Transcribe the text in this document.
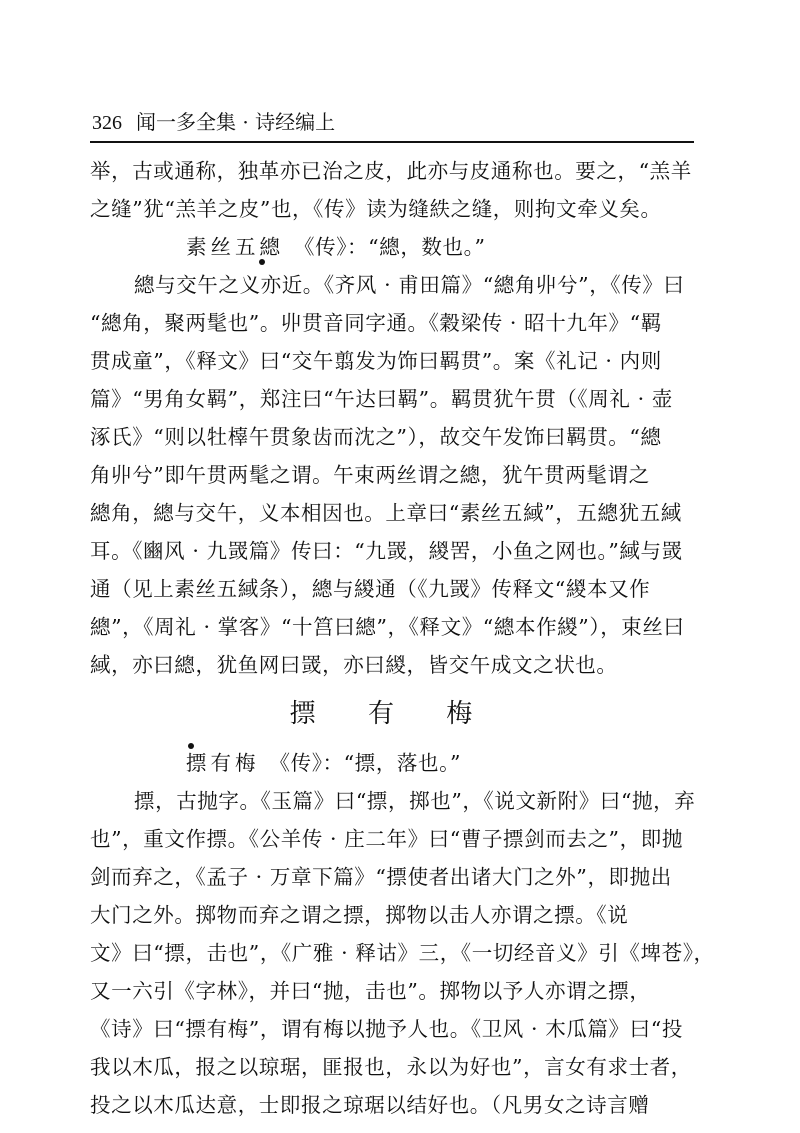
326 闻一多全集 · 诗经编上

举，古或通称，独革亦已治之皮，此亦与皮通称也。要之，“羔羊

之缝”犹“羔羊之皮”也，《传》读为缝紩之缝，则拘文牵义矣。

素丝五總 《传》：“總，数也。”

總与交午之义亦近。《齐风 · 甫田篇》“總角丱兮”，《传》曰

“總角，聚两髦也”。丱贯音同字通。《穀梁传 · 昭十九年》“羁

贯成童”，《释文》曰“交午翦发为饰曰羁贯”。案《礼记 · 内则

篇》“男角女羁”，郑注曰“午达曰羁”。羁贯犹午贯（《周礼 · 壶

涿氏》“则以牡橭午贯象齿而沈之”），故交午发饰曰羁贯。“總

角丱兮”即午贯两髦之谓。午束两丝谓之總，犹午贯两髦谓之

總角，總与交午，义本相因也。上章曰“素丝五緎”，五總犹五緎

耳。《豳风 · 九罭篇》传曰：“九罭，緵罟，小鱼之网也。”緎与罭

通（见上素丝五緎条），總与緵通（《九罭》传释文“緵本又作

總”，《周礼 · 掌客》“十筥曰總”，《释文》“總本作緵”），束丝曰

緎，亦曰總，犹鱼网曰罭，亦曰緵，皆交午成文之状也。

摽 有 梅

摽有梅 《传》：“摽，落也。”

摽，古抛字。《玉篇》曰“摽，掷也”，《说文新附》曰“抛，弃

也”，重文作摽。《公羊传 · 庄二年》曰“曹子摽剑而去之”，即抛

剑而弃之，《孟子 · 万章下篇》“摽使者出诸大门之外”，即抛出

大门之外。掷物而弃之谓之摽，掷物以击人亦谓之摽。《说

文》曰“摽，击也”，《广雅 · 释诂》三，《一切经音义》引《埤苍》，

又一六引《字林》，并曰“抛，击也”。掷物以予人亦谓之摽，

《诗》曰“摽有梅”，谓有梅以抛予人也。《卫风 · 木瓜篇》曰“投

我以木瓜，报之以琼琚，匪报也，永以为好也”，言女有求士者，

投之以木瓜达意，士即报之琼琚以结好也。（凡男女之诗言赠
